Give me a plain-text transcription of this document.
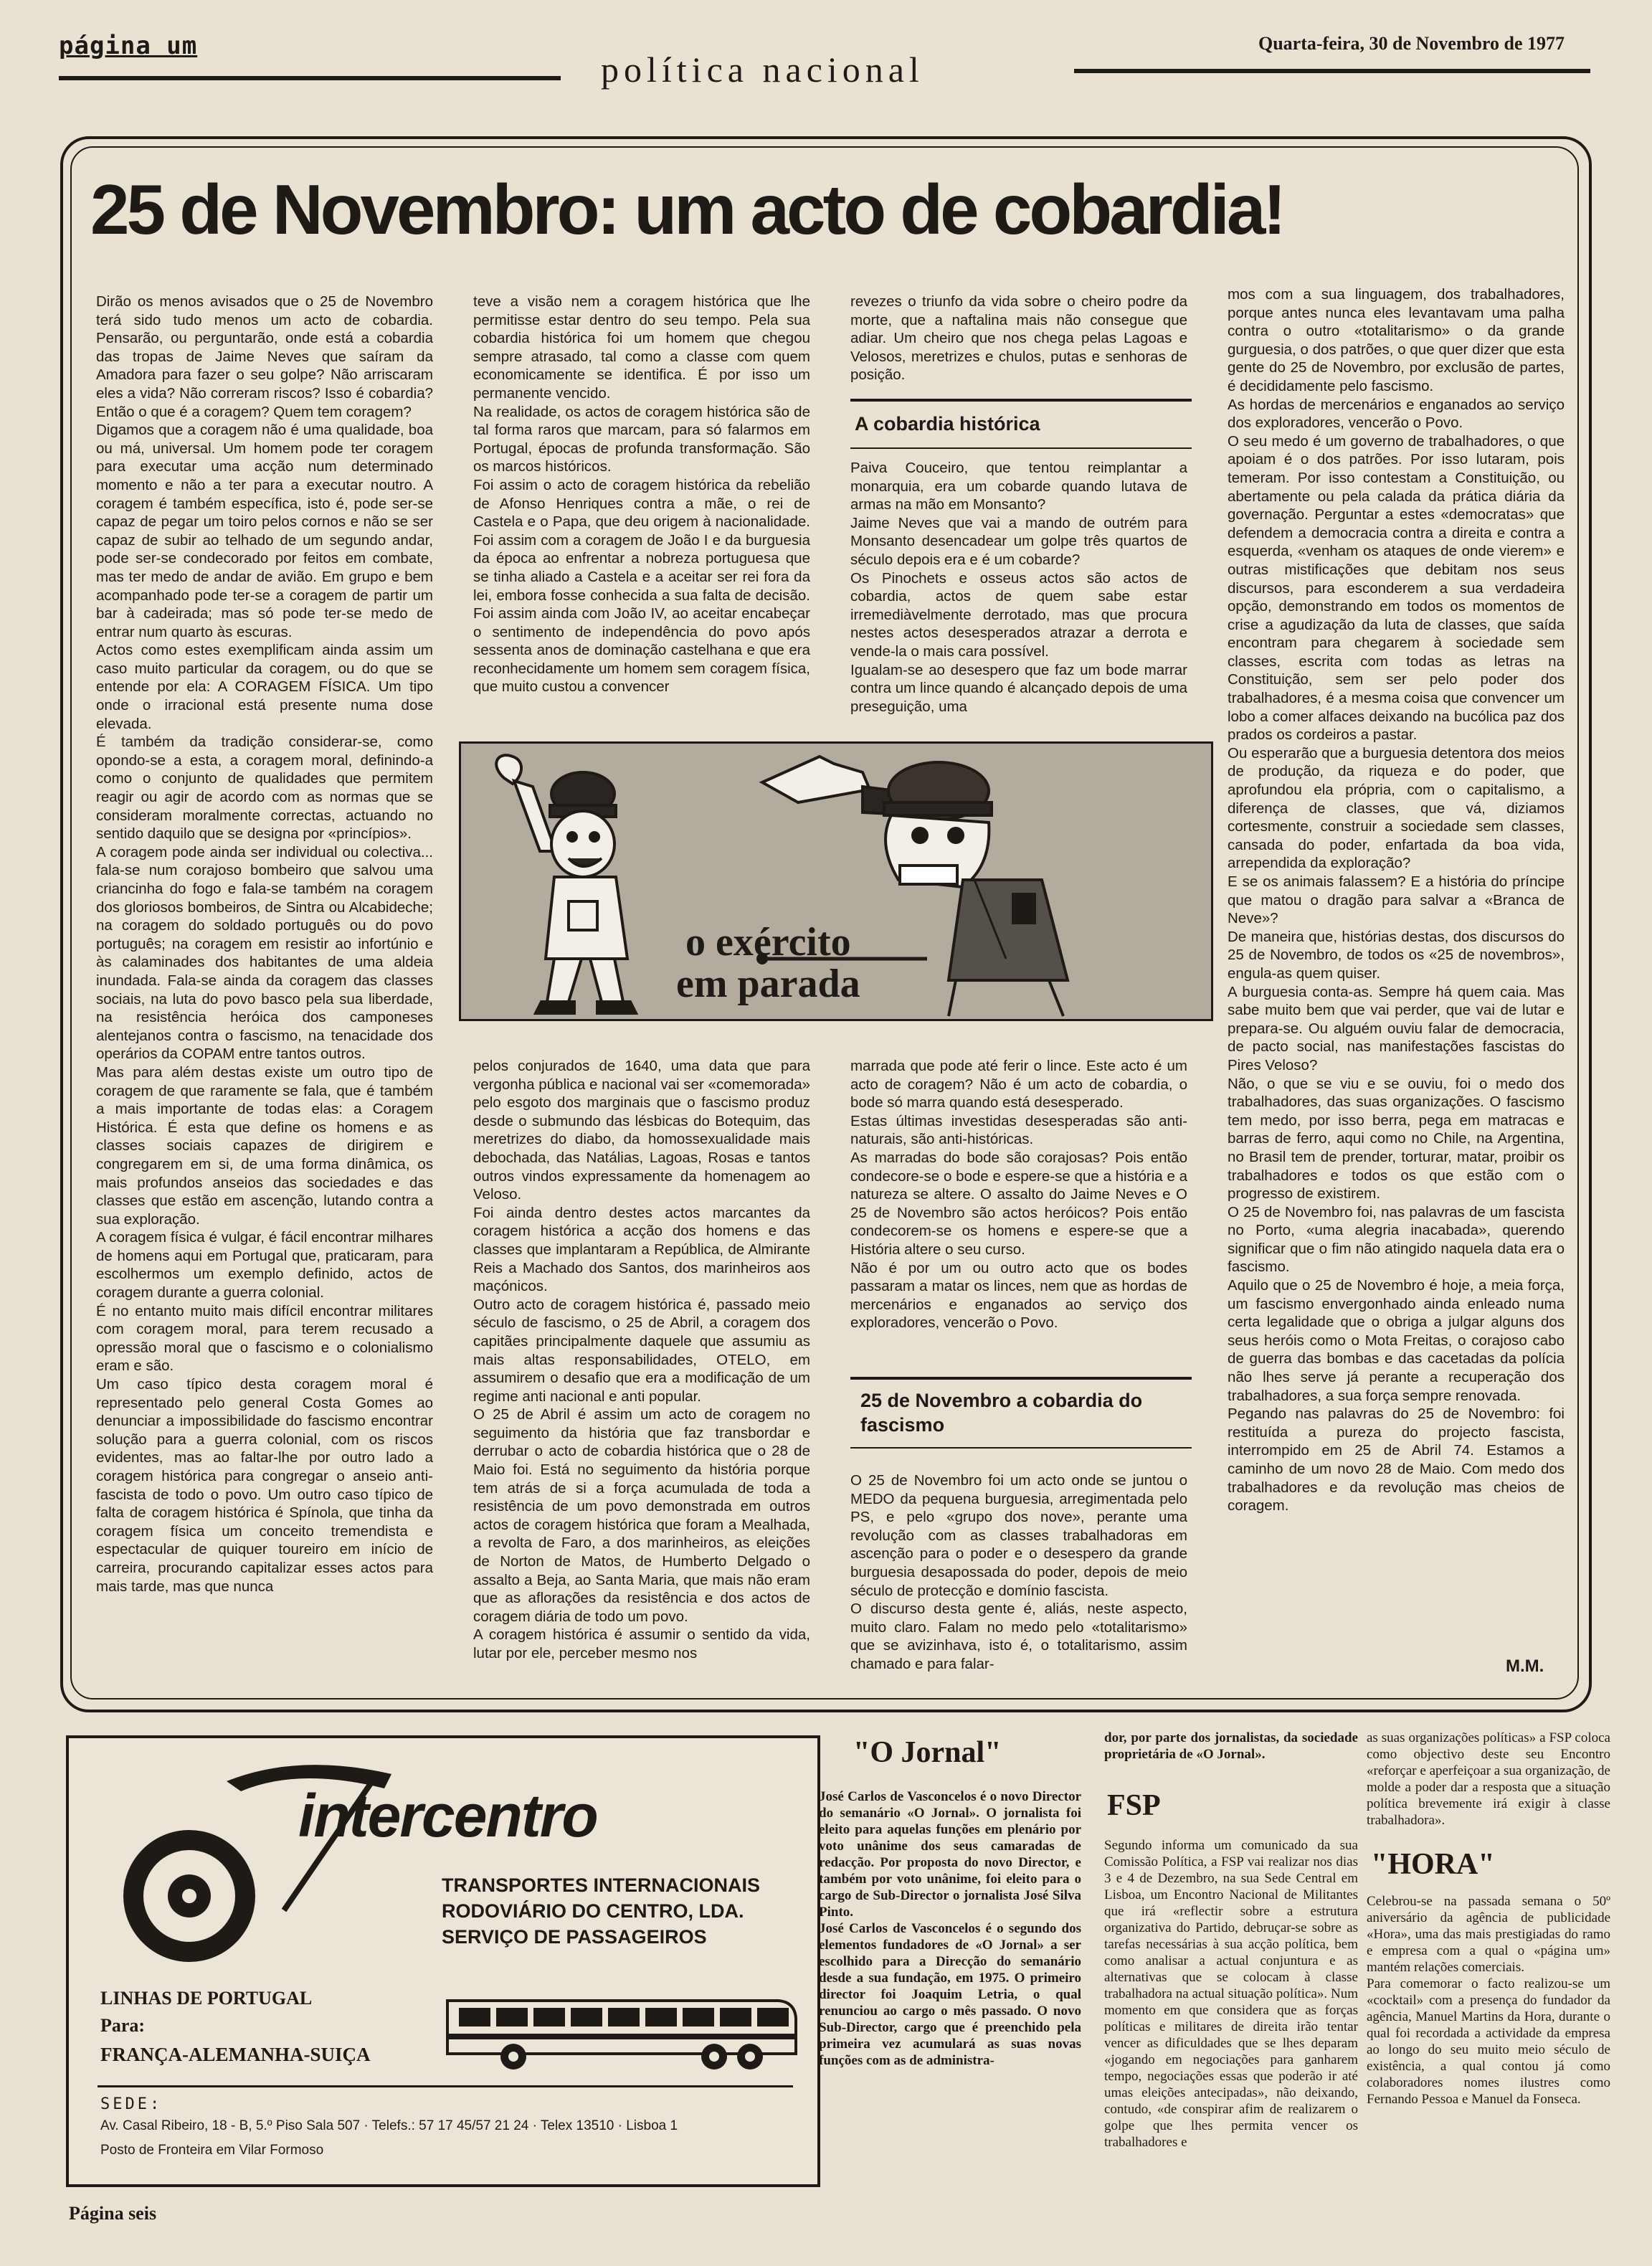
página um
política nacional
Quarta-feira, 30 de Novembro de 1977
25 de Novembro: um acto de cobardia!
Dirão os menos avisados que o 25 de Novembro terá sido tudo menos um acto de cobardia. Pensarão, ou perguntarão, onde está a cobardia das tropas de Jaime Neves que saíram da Amadora para fazer o seu golpe? Não arriscaram eles a vida? Não correram riscos? Isso é cobardia? Então o que é a coragem? Quem tem coragem?
Digamos que a coragem não é uma qualidade, boa ou má, universal. Um homem pode ter coragem para executar uma acção num determinado momento e não a ter para a executar noutro. A coragem é também específica, isto é, pode ser-se capaz de pegar um toiro pelos cornos e não se ser capaz de subir ao telhado de um segundo andar, pode ser-se condecorado por feitos em combate, mas ter medo de andar de avião. Em grupo e bem acompanhado pode ter-se a coragem de partir um bar à cadeirada; mas só pode ter-se medo de entrar num quarto às escuras.
Actos como estes exemplificam ainda assim um caso muito particular da coragem, ou do que se entende por ela: A CORAGEM FÍSICA. Um tipo onde o irracional está presente numa dose elevada.
É também da tradição considerar-se, como opondo-se a esta, a coragem moral, definindo-a como o conjunto de qualidades que permitem reagir ou agir de acordo com as normas que se consideram moralmente correctas, actuando no sentido daquilo que se designa por «princípios».
A coragem pode ainda ser individual ou colectiva... fala-se num corajoso bombeiro que salvou uma criancinha do fogo e fala-se também na coragem dos gloriosos bombeiros, de Sintra ou Alcabideche; na coragem do soldado português ou do povo português; na coragem em resistir ao infortúnio e às calaminades dos habitantes de uma aldeia inundada. Fala-se ainda da coragem das classes sociais, na luta do povo basco pela sua liberdade, na resistência heróica dos camponeses alentejanos contra o fascismo, na tenacidade dos operários da COPAM entre tantos outros.
Mas para além destas existe um outro tipo de coragem de que raramente se fala, que é também a mais importante de todas elas: a Coragem Histórica. É esta que define os homens e as classes sociais capazes de dirigirem e congregarem em si, de uma forma dinâmica, os mais profundos anseios das sociedades e das classes que estão em ascenção, lutando contra a sua exploração.
A coragem física é vulgar, é fácil encontrar milhares de homens aqui em Portugal que, praticaram, para escolhermos um exemplo definido, actos de coragem durante a guerra colonial.
É no entanto muito mais difícil encontrar militares com coragem moral, para terem recusado a opressão moral que o fascismo e o colonialismo eram e são.
Um caso típico desta coragem moral é representado pelo general Costa Gomes ao denunciar a impossibilidade do fascismo encontrar solução para a guerra colonial, com os riscos evidentes, mas ao faltar-lhe por outro lado a coragem histórica para congregar o anseio anti-fascista de todo o povo. Um outro caso típico de falta de coragem histórica é Spínola, que tinha da coragem física um conceito tremendista e espectacular de quiquer toureiro em início de carreira, procurando capitalizar esses actos para mais tarde, mas que nunca
teve a visão nem a coragem histórica que lhe permitisse estar dentro do seu tempo. Pela sua cobardia histórica foi um homem que chegou sempre atrasado, tal como a classe com quem economicamente se identifica. É por isso um permanente vencido.
Na realidade, os actos de coragem histórica são de tal forma raros que marcam, para só falarmos em Portugal, épocas de profunda transformação. São os marcos históricos.
Foi assim o acto de coragem histórica da rebelião de Afonso Henriques contra a mãe, o rei de Castela e o Papa, que deu origem à nacionalidade. Foi assim com a coragem de João I e da burguesia da época ao enfrentar a nobreza portuguesa que se tinha aliado a Castela e a aceitar ser rei fora da lei, embora fosse conhecida a sua falta de decisão. Foi assim ainda com João IV, ao aceitar encabeçar o sentimento de independência do povo após sessenta anos de dominação castelhana e que era reconhecidamente um homem sem coragem física, que muito custou a convencer
revezes o triunfo da vida sobre o cheiro podre da morte, que a naftalina mais não consegue que adiar. Um cheiro que nos chega pelas Lagoas e Velosos, meretrizes e chulos, putas e senhoras de posição.
A cobardia histórica
Paiva Couceiro, que tentou reimplantar a monarquia, era um cobarde quando lutava de armas na mão em Monsanto?
Jaime Neves que vai a mando de outrém para Monsanto desencadear um golpe três quartos de século depois era e é um cobarde?
Os Pinochets e osseus actos são actos de cobardia, actos de quem sabe estar irremediàvelmente derrotado, mas que procura nestes actos desesperados atrazar a derrota e vende-la o mais cara possível.
Igualam-se ao desespero que faz um bode marrar contra um lince quando é alcançado depois de uma preseguição, uma
mos com a sua linguagem, dos trabalhadores, porque antes nunca eles levantavam uma palha contra o outro «totalitarismo» o da grande gurguesia, o dos patrões, o que quer dizer que esta gente do 25 de Novembro, por exclusão de partes, é decididamente pelo fascismo.
As hordas de mercenários e enganados ao serviço dos exploradores, vencerão o Povo.
O seu medo é um governo de trabalhadores, o que apoiam é o dos patrões. Por isso lutaram, pois temeram. Por isso contestam a Constituição, ou abertamente ou pela calada da prática diária da governação. Perguntar a estes «democratas» que defendem a democracia contra a direita e contra a esquerda, «venham os ataques de onde vierem» e outras mistificações que debitam nos seus discursos, para esconderem a sua verdadeira opção, demonstrando em todos os momentos de crise a agudização da luta de classes, que saída encontram para chegarem à sociedade sem classes, escrita com todas as letras na Constituição, sem ser pelo poder dos trabalhadores, é a mesma coisa que convencer um lobo a comer alfaces deixando na bucólica paz dos prados os cordeiros a pastar.
Ou esperarão que a burguesia detentora dos meios de produção, da riqueza e do poder, que aprofundou ela própria, com o capitalismo, a diferença de classes, que vá, diziamos cortesmente, construir a sociedade sem classes, cansada do poder, enfartada da boa vida, arrependida da exploração?
E se os animais falassem? E a história do príncipe que matou o dragão para salvar a «Branca de Neve»?
De maneira que, histórias destas, dos discursos do 25 de Novembro, de todos os «25 de novembros», engula-as quem quiser.
A burguesia conta-as. Sempre há quem caia. Mas sabe muito bem que vai perder, que vai de lutar e prepara-se. Ou alguém ouviu falar de democracia, de pacto social, nas manifestações fascistas do Pires Veloso?
Não, o que se viu e se ouviu, foi o medo dos trabalhadores, das suas organizações. O fascismo tem medo, por isso berra, pega em matracas e barras de ferro, aqui como no Chile, na Argentina, no Brasil tem de prender, torturar, matar, proibir os trabalhadores e todos os que estão com o progresso de existirem.
O 25 de Novembro foi, nas palavras de um fascista no Porto, «uma alegria inacabada», querendo significar que o fim não atingido naquela data era o fascismo.
Aquilo que o 25 de Novembro é hoje, a meia força, um fascismo envergonhado ainda enleado numa certa legalidade que o obriga a julgar alguns dos seus heróis como o Mota Freitas, o corajoso cabo de guerra das bombas e das cacetadas da polícia não lhes serve já perante a recuperação dos trabalhadores, a sua força sempre renovada.
Pegando nas palavras do 25 de Novembro: foi restituída a pureza do projecto fascista, interrompido em 25 de Abril 74. Estamos a caminho de um novo 28 de Maio. Com medo dos trabalhadores e da revolução mas cheios de coragem.
o exército
em parada
pelos conjurados de 1640, uma data que para vergonha pública e nacional vai ser «comemorada» pelo esgoto dos marginais que o fascismo produz desde o submundo das lésbicas do Botequim, das meretrizes do diabo, da homossexualidade mais debochada, das Natálias, Lagoas, Rosas e tantos outros vindos expressamente da homenagem ao Veloso.
Foi ainda dentro destes actos marcantes da coragem histórica a acção dos homens e das classes que implantaram a República, de Almirante Reis a Machado dos Santos, dos marinheiros aos maçónicos.
Outro acto de coragem histórica é, passado meio século de fascismo, o 25 de Abril, a coragem dos capitães principalmente daquele que assumiu as mais altas responsabilidades, OTELO, em assumirem o desafio que era a modificação de um regime anti nacional e anti popular.
O 25 de Abril é assim um acto de coragem no seguimento da história que faz transbordar e derrubar o acto de cobardia histórica que o 28 de Maio foi. Está no seguimento da história porque tem atrás de si a força acumulada de toda a resistência de um povo demonstrada em outros actos de coragem histórica que foram a Mealhada, a revolta de Faro, a dos marinheiros, as eleições de Norton de Matos, de Humberto Delgado o assalto a Beja, ao Santa Maria, que mais não eram que as aflorações da resistência e dos actos de coragem diária de todo um povo.
A coragem histórica é assumir o sentido da vida, lutar por ele, perceber mesmo nos
marrada que pode até ferir o lince. Este acto é um acto de coragem? Não é um acto de cobardia, o bode só marra quando está desesperado.
Estas últimas investidas desesperadas são anti-naturais, são anti-históricas.
As marradas do bode são corajosas? Pois então condecore-se o bode e espere-se que a história e a natureza se altere. O assalto do Jaime Neves e O 25 de Novembro são actos heróicos? Pois então condecorem-se os homens e espere-se que a História altere o seu curso.
Não é por um ou outro acto que os bodes passaram a matar os linces, nem que as hordas de mercenários e enganados ao serviço dos exploradores, vencerão o Povo.
25 de Novembro a cobardia do fascismo
O 25 de Novembro foi um acto onde se juntou o MEDO da pequena burguesia, arregimentada pelo PS, e pelo «grupo dos nove», perante uma revolução com as classes trabalhadoras em ascenção para o poder e o desespero da grande burguesia desapossada do poder, depois de meio século de protecção e domínio fascista.
O discurso desta gente é, aliás, neste aspecto, muito claro. Falam no medo pelo «totalitarismo» que se avizinhava, isto é, o totalitarismo, assim chamado e para falar-	M.M.
intercentro
TRANSPORTES INTERNACIONAIS
RODOVIÁRIO DO CENTRO, LDA.
SERVIÇO DE PASSAGEIROS
LINHAS DE PORTUGAL
Para:
FRANÇA-ALEMANHA-SUIÇA
SEDE:
Av. Casal Ribeiro, 18 - B, 5.º Piso Sala 507 · Telefs.: 57 17 45/57 21 24 · Telex 13510 · Lisboa 1
Posto de Fronteira em Vilar Formoso
"O Jornal"
José Carlos de Vasconcelos é o novo Director do semanário «O Jornal». O jornalista foi eleito para aquelas funções em plenário por voto unânime dos seus camaradas de redacção. Por proposta do novo Director, e também por voto unânime, foi eleito para o cargo de Sub-Director o jornalista José Silva Pinto.
José Carlos de Vasconcelos é o segundo dos elementos fundadores de «O Jornal» a ser escolhido para a Direcção do semanário desde a sua fundação, em 1975. O primeiro director foi Joaquim Letria, o qual renunciou ao cargo o mês passado. O novo Sub-Director, cargo que é preenchido pela primeira vez acumulará as suas novas funções com as de administra-
dor, por parte dos jornalistas, da sociedade proprietária de «O Jornal».
FSP
Segundo informa um comunicado da sua Comissão Política, a FSP vai realizar nos dias 3 e 4 de Dezembro, na sua Sede Central em Lisboa, um Encontro Nacional de Militantes que irá «reflectir sobre a estrutura organizativa do Partido, debruçar-se sobre as tarefas necessárias à sua acção política, bem como analisar a actual conjuntura e as alternativas que se colocam à classe trabalhadora na actual situação política». Num momento em que considera que as forças políticas e militares de direita irão tentar vencer as dificuldades que se lhes deparam «jogando em negociações para ganharem tempo, negociações essas que poderão ir até umas eleições antecipadas», não deixando, contudo, «de conspirar afim de realizarem o golpe que lhes permita vencer os trabalhadores e
as suas organizações políticas» a FSP coloca como objectivo deste seu Encontro «reforçar e aperfeiçoar a sua organização, de molde a poder dar a resposta que a situação política brevemente irá exigir à classe trabalhadora».
"HORA"
Celebrou-se na passada semana o 50º aniversário da agência de publicidade «Hora», uma das mais prestigiadas do ramo e empresa com a qual o «página um» mantém relações comerciais.
Para comemorar o facto realizou-se um «cocktail» com a presença do fundador da agência, Manuel Martins da Hora, durante o qual foi recordada a actividade da empresa ao longo do seu muito meio século de existência, a qual contou já como colaboradores nomes ilustres como Fernando Pessoa e Manuel da Fonseca.
Página seis
